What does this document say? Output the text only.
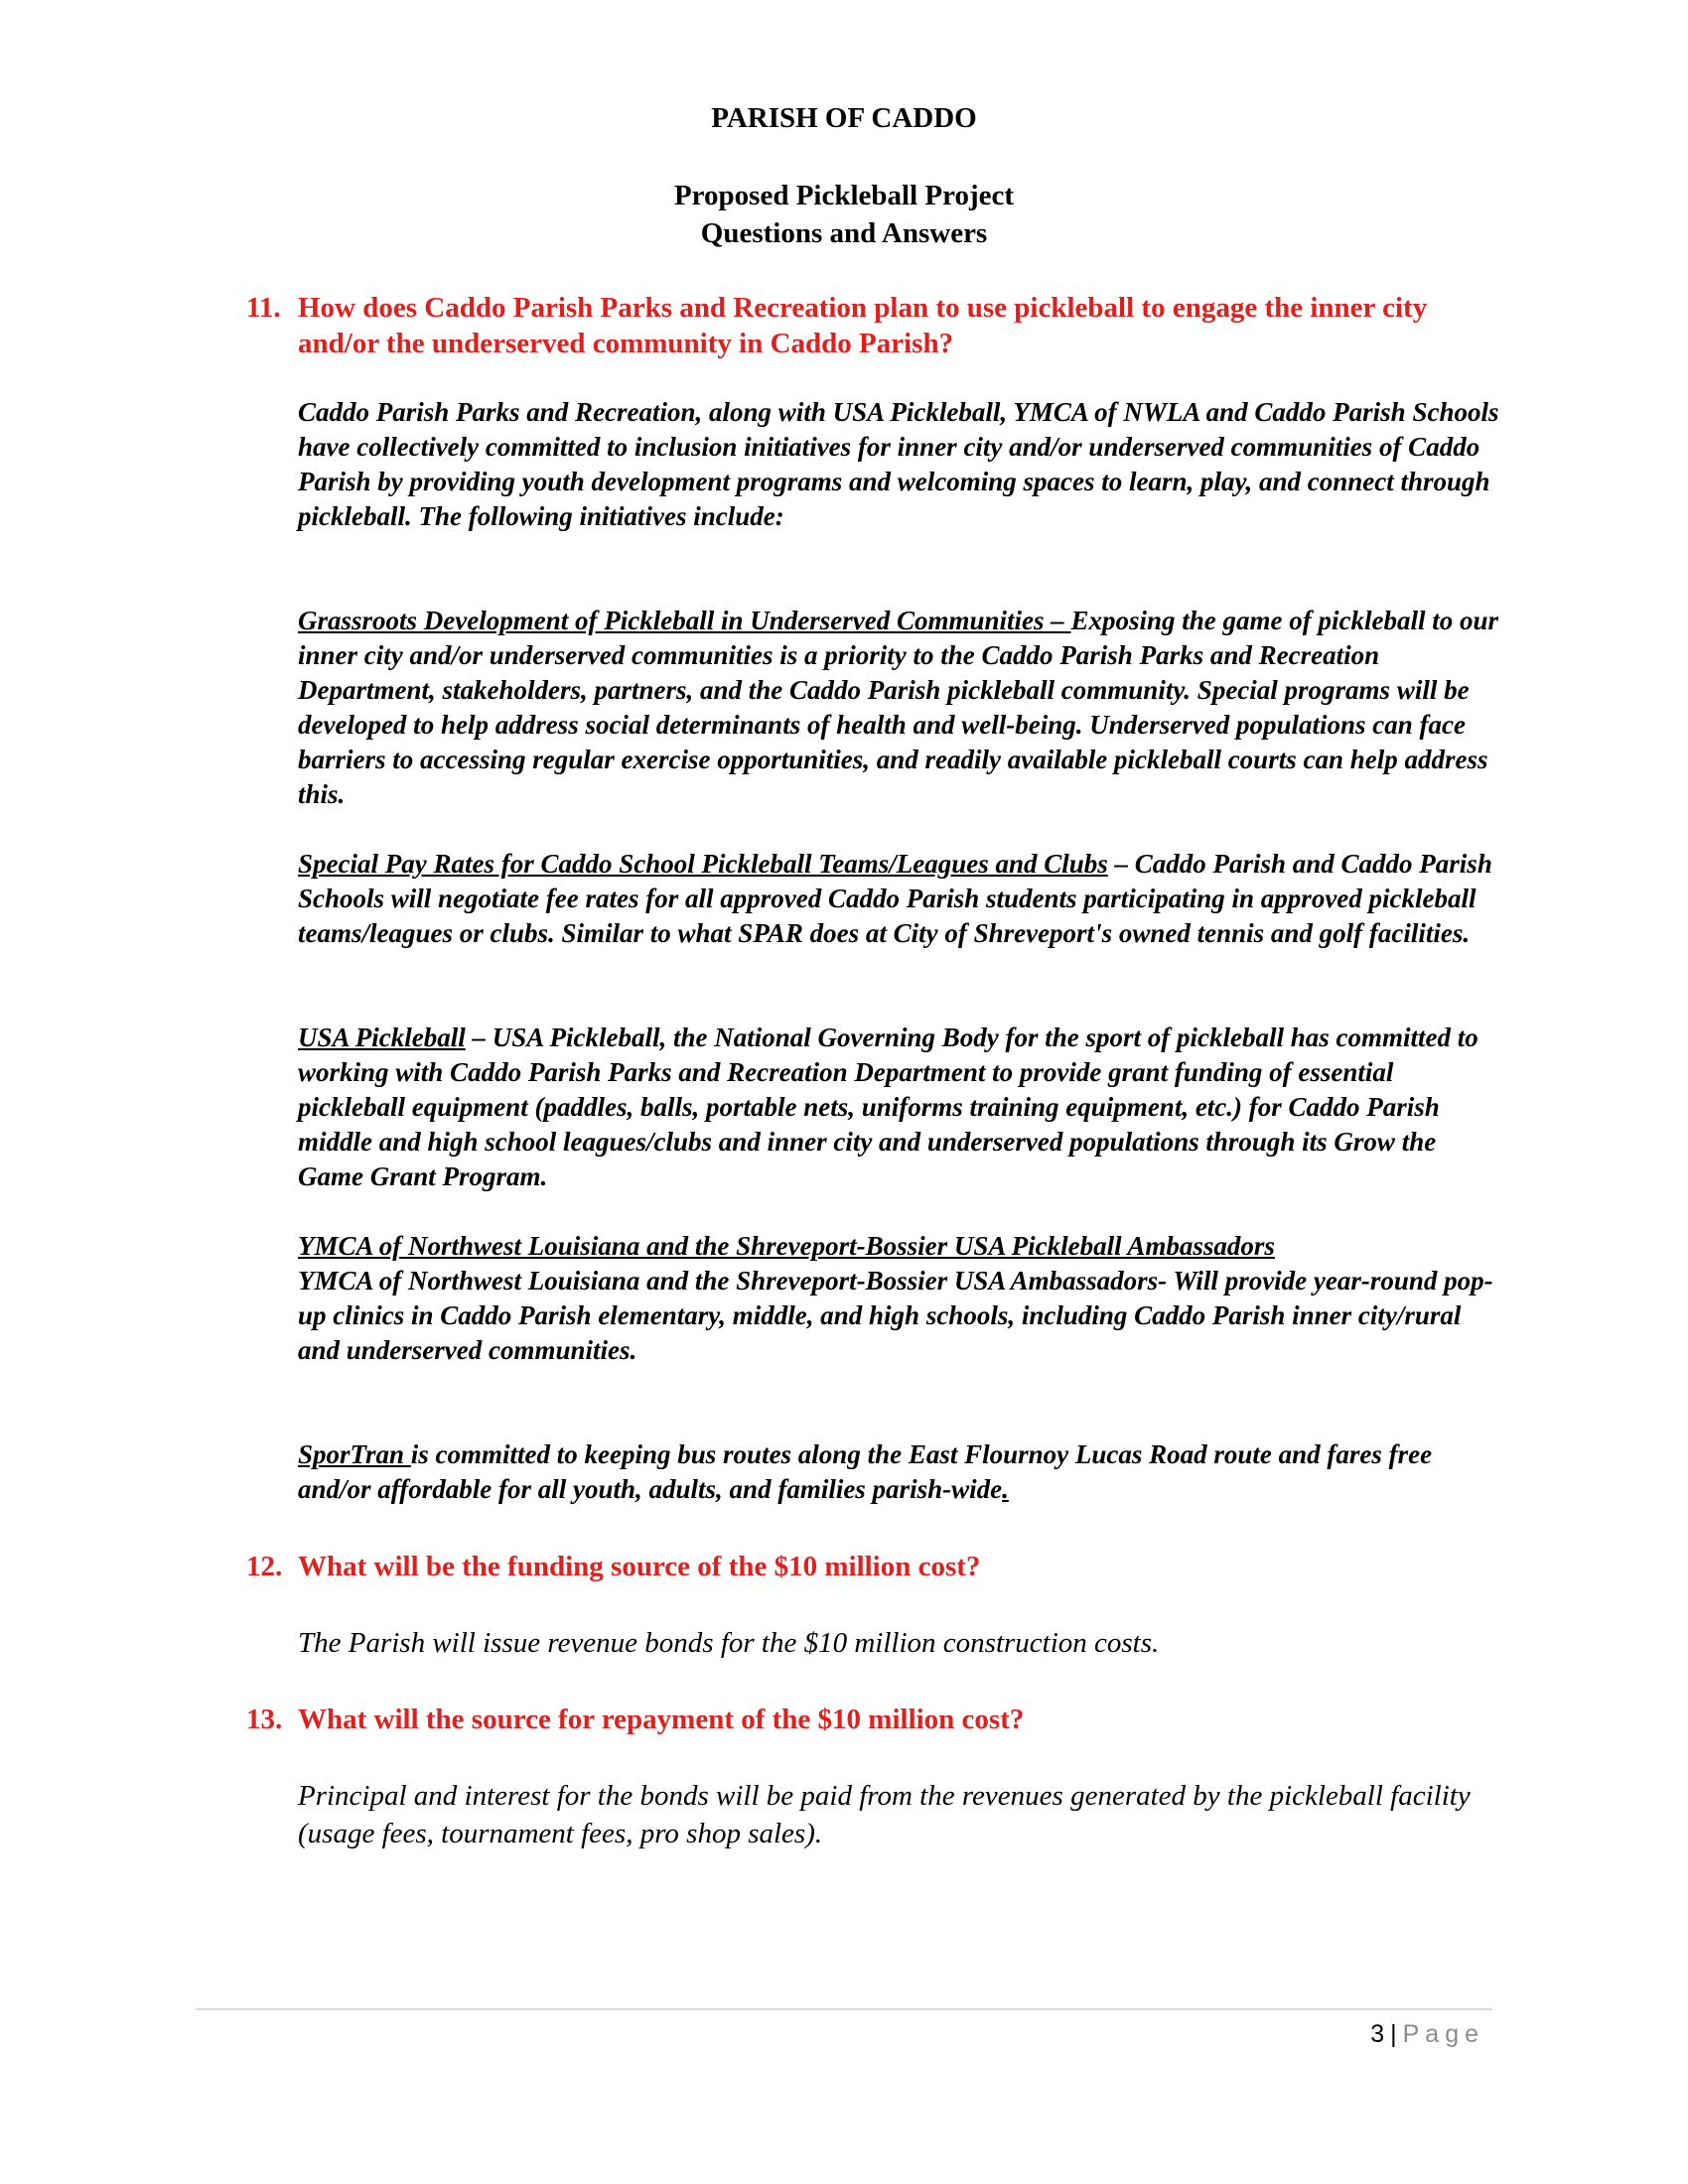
PARISH OF CADDO
Proposed Pickleball Project
Questions and Answers
11. How does Caddo Parish Parks and Recreation plan to use pickleball to engage the inner city and/or the underserved community in Caddo Parish?

Caddo Parish Parks and Recreation, along with USA Pickleball, YMCA of NWLA and Caddo Parish Schools have collectively committed to inclusion initiatives for inner city and/or underserved communities of Caddo Parish by providing youth development programs and welcoming spaces to learn, play, and connect through pickleball. The following initiatives include:

Grassroots Development of Pickleball in Underserved Communities – Exposing the game of pickleball to our inner city and/or underserved communities is a priority to the Caddo Parish Parks and Recreation Department, stakeholders, partners, and the Caddo Parish pickleball community. Special programs will be developed to help address social determinants of health and well-being. Underserved populations can face barriers to accessing regular exercise opportunities, and readily available pickleball courts can help address this.

Special Pay Rates for Caddo School Pickleball Teams/Leagues and Clubs – Caddo Parish and Caddo Parish Schools will negotiate fee rates for all approved Caddo Parish students participating in approved pickleball teams/leagues or clubs. Similar to what SPAR does at City of Shreveport's owned tennis and golf facilities.

USA Pickleball – USA Pickleball, the National Governing Body for the sport of pickleball has committed to working with Caddo Parish Parks and Recreation Department to provide grant funding of essential pickleball equipment (paddles, balls, portable nets, uniforms training equipment, etc.) for Caddo Parish middle and high school leagues/clubs and inner city and underserved populations through its Grow the Game Grant Program.

YMCA of Northwest Louisiana and the Shreveport-Bossier USA Pickleball Ambassadors
YMCA of Northwest Louisiana and the Shreveport-Bossier USA Ambassadors- Will provide year-round pop-up clinics in Caddo Parish elementary, middle, and high schools, including Caddo Parish inner city/rural and underserved communities.

SporTran is committed to keeping bus routes along the East Flournoy Lucas Road route and fares free and/or affordable for all youth, adults, and families parish-wide.

12. What will be the funding source of the $10 million cost?

The Parish will issue revenue bonds for the $10 million construction costs.

13. What will the source for repayment of the $10 million cost?

Principal and interest for the bonds will be paid from the revenues generated by the pickleball facility (usage fees, tournament fees, pro shop sales).

3 | Page
